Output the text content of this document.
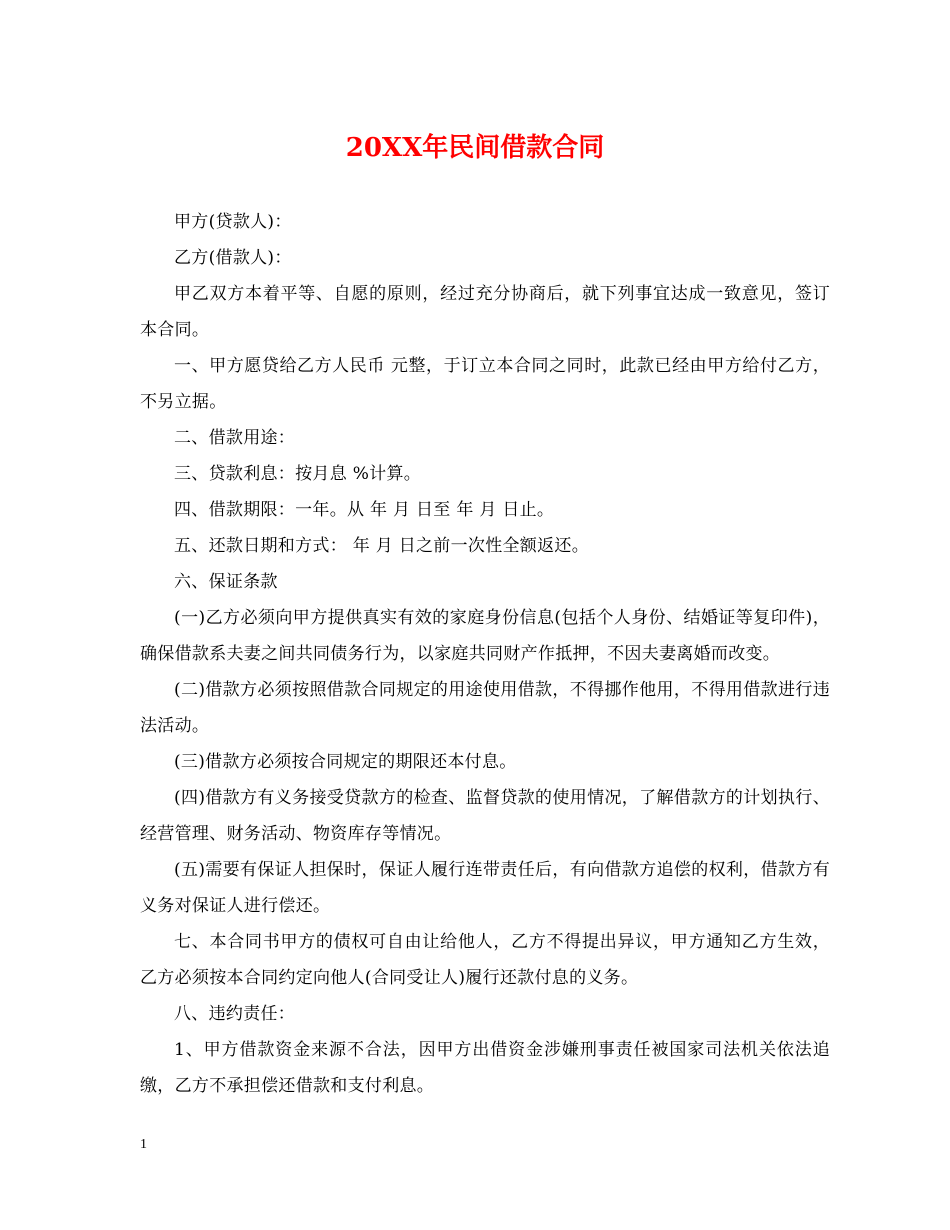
20XX年民间借款合同

甲方(贷款人)：

乙方(借款人)：

甲乙双方本着平等、自愿的原则，经过充分协商后，就下列事宜达成一致意见，签订本合同。

一、甲方愿贷给乙方人民币 元整，于订立本合同之同时，此款已经由甲方给付乙方，不另立据。

二、借款用途：

三、贷款利息：按月息 %计算。

四、借款期限：一年。从 年 月 日至 年 月 日止。

五、还款日期和方式： 年 月 日之前一次性全额返还。

六、保证条款

(一)乙方必须向甲方提供真实有效的家庭身份信息(包括个人身份、结婚证等复印件)，确保借款系夫妻之间共同债务行为，以家庭共同财产作抵押，不因夫妻离婚而改变。

(二)借款方必须按照借款合同规定的用途使用借款，不得挪作他用，不得用借款进行违法活动。

(三)借款方必须按合同规定的期限还本付息。

(四)借款方有义务接受贷款方的检查、监督贷款的使用情况，了解借款方的计划执行、经营管理、财务活动、物资库存等情况。

(五)需要有保证人担保时，保证人履行连带责任后，有向借款方追偿的权利，借款方有义务对保证人进行偿还。

七、本合同书甲方的债权可自由让给他人，乙方不得提出异议，甲方通知乙方生效，乙方必须按本合同约定向他人(合同受让人)履行还款付息的义务。

八、违约责任：

1、甲方借款资金来源不合法，因甲方出借资金涉嫌刑事责任被国家司法机关依法追缴，乙方不承担偿还借款和支付利息。

1
